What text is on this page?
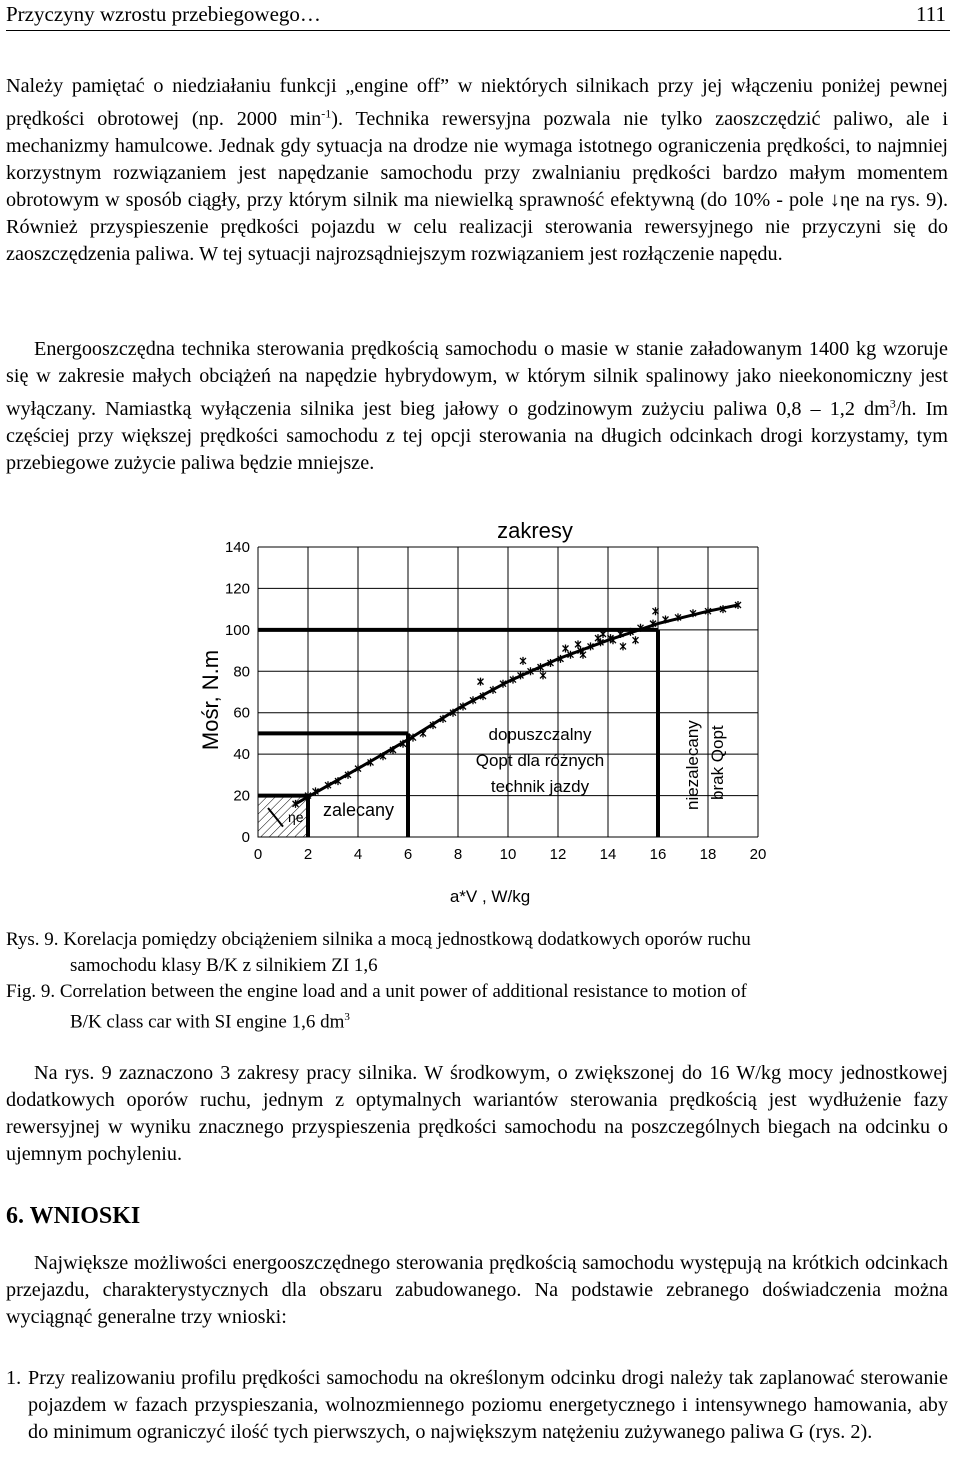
Przyczyny wzrostu przebiegowego…	111

Należy pamiętać o niedziałaniu funkcji „engine off” w niektórych silnikach przy jej włączeniu poniżej pewnej prędkości obrotowej (np. 2000 $\min^{-1}$). Technika rewersyjna pozwala nie tylko zaoszczędzić paliwo, ale i mechanizmy hamulcowe. Jednak gdy sytuacja na drodze nie wymaga istotnego ograniczenia prędkości, to najmniej korzystnym rozwiązaniem jest napędzanie samochodu przy zwalnianiu prędkości bardzo małym momentem obrotowym w sposób ciągły, przy którym silnik ma niewielką sprawność efektywną (do 10% - pole ↓ηe na rys. 9). Również przyspieszenie prędkości pojazdu w celu realizacji sterowania rewersyjnego nie przyczyni się do zaoszczędzenia paliwa. W tej sytuacji najrozsądniejszym rozwiązaniem jest rozłączenie napędu.

Energooszczędna technika sterowania prędkością samochodu o masie w stanie załadowanym 1400 kg wzoruje się w zakresie małych obciążeń na napędzie hybrydowym, w którym silnik spalinowy jako nieekonomiczny jest wyłączany. Namiastką wyłączenia silnika jest bieg jałowy o godzinowym zużyciu paliwa 0,8 – 1,2 $dm^3/h$. Im częściej przy większej prędkości samochodu z tej opcji sterowania na długich odcinkach drogi korzystamy, tym przebiegowe zużycie paliwa będzie mniejsze.

0
20
40
60
80
100
120
140
0	2	4	6	8 10 12 14 16 18 20
zakresy
ηe zalecany
dopuszczalny
Qopt dla różnych
technik jazdy	niezalecany brak Qopt
a*V , W/kg
Mośr, N.m
Rys. 9. Korelacja pomiędzy obciążeniem silnika a mocą jednostkową dodatkowych oporów ruchu
samochodu klasy B/K z silnikiem ZI 1,6
Fig. 9. Correlation between the engine load and a unit power of additional resistance to motion of
B/K class car with SI engine 1,6 $dm^3$

Na rys. 9 zaznaczono 3 zakresy pracy silnika. W środkowym, o zwiększonej do 16 W/kg mocy jednostkowej dodatkowych oporów ruchu, jednym z optymalnych wariantów sterowania prędkością jest wydłużenie fazy rewersyjnej w wyniku znacznego przyspieszenia prędkości samochodu na poszczególnych biegach na odcinku o ujemnym pochyleniu.

6. WNIOSKI

Największe możliwości energooszczędnego sterowania prędkością samochodu występują na krótkich odcinkach przejazdu, charakterystycznych dla obszaru zabudowanego. Na podstawie zebranego doświadczenia można wyciągnąć generalne trzy wnioski:

1. Przy realizowaniu profilu prędkości samochodu na określonym odcinku drogi należy tak zaplanować sterowanie pojazdem w fazach przyspieszania, wolnozmiennego poziomu energetycznego i intensywnego hamowania, aby do minimum ograniczyć ilość tych pierwszych, o największym natężeniu zużywanego paliwa G (rys. 2).
